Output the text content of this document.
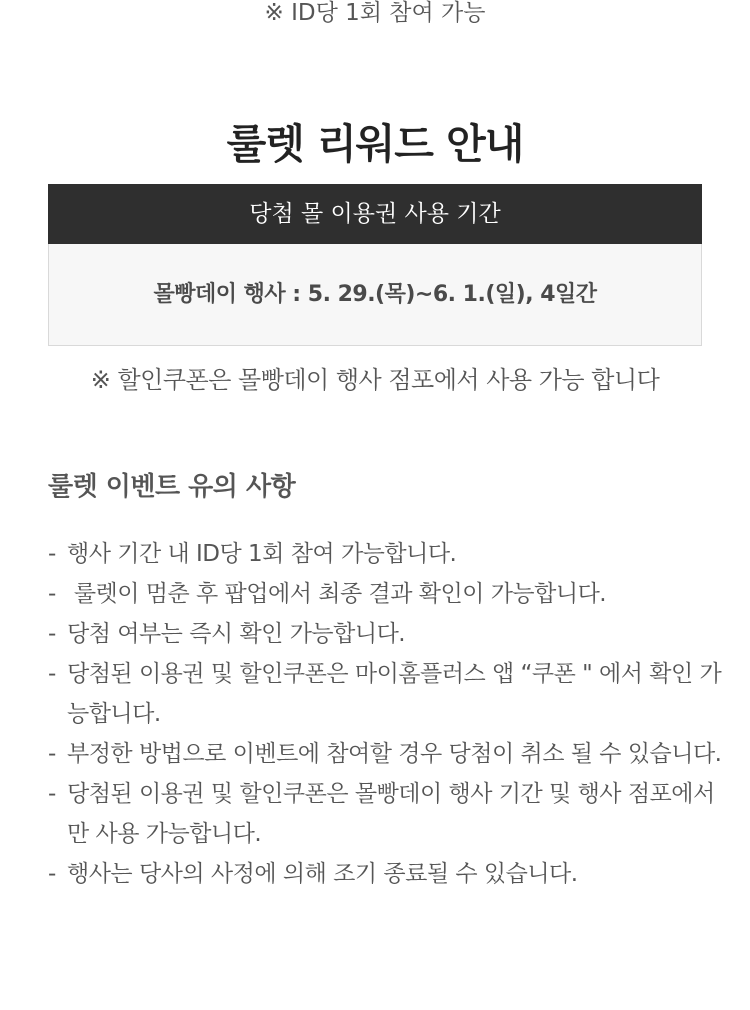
※ ID당 1회 참여 가능
룰렛 리워드 안내
당첨 몰 이용권 사용 기간
몰빵데이 행사 : 5. 29.(목)~6. 1.(일), 4일간
※ 할인쿠폰은 몰빵데이 행사 점포에서 사용 가능 합니다
룰렛 이벤트 유의 사항
- 행사 기간 내 ID당 1회 참여 가능합니다.
- 룰렛이 멈춘 후 팝업에서 최종 결과 확인이 가능합니다.
- 당첨 여부는 즉시 확인 가능합니다.
- 당첨된 이용권 및 할인쿠폰은 마이홈플러스 앱 “쿠폰 " 에서 확인 가능합니다.
- 부정한 방법으로 이벤트에 참여할 경우 당첨이 취소 될 수 있습니다.
- 당첨된 이용권 및 할인쿠폰은 몰빵데이 행사 기간 및 행사 점포에서만 사용 가능합니다.
- 행사는 당사의 사정에 의해 조기 종료될 수 있습니다.
